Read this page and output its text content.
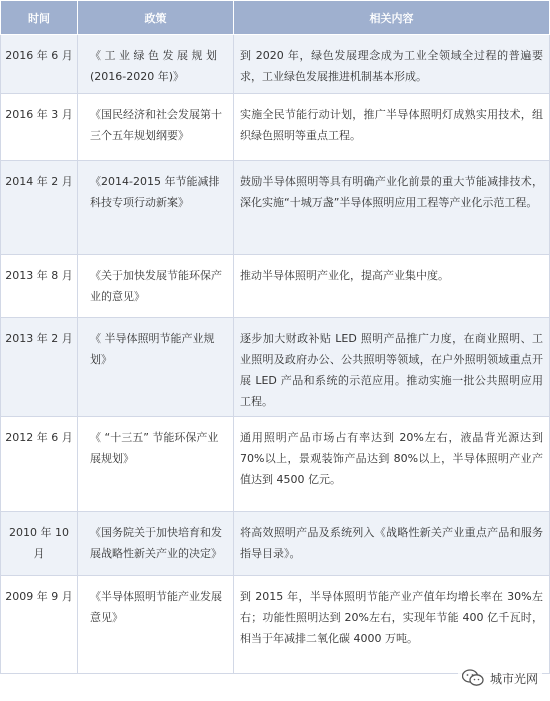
时间	政策	相关内容
2016 年 6 月	《 工 业 绿 色 发 展 规 划 (2016-2020 年)》	到 2020 年，绿色发展理念成为工业全领域全过程的普遍要求，工业绿色发展推进机制基本形成。
2016 年 3 月	《国民经济和社会发展第十三个五年规划纲要》	实施全民节能行动计划，推广半导体照明灯成熟实用技术，组织绿色照明等重点工程。
2014 年 2 月	《2014-2015 年节能减排科技专项行动新案》	鼓励半导体照明等具有明确产业化前景的重大节能减排技术，深化实施“十城万盏”半导体照明应用工程等产业化示范工程。
2013 年 8 月	《关于加快发展节能环保产业的意见》	推动半导体照明产业化，提高产业集中度。
2013 年 2 月	《 半导体照明节能产业规划》	逐步加大财政补贴 LED 照明产品推广力度，在商业照明、工业照明及政府办公、公共照明等领域，在户外照明领域重点开展 LED 产品和系统的示范应用。推动实施一批公共照明应用工程。
2012 年 6 月	《 “十三五” 节能环保产业展规划》	通用照明产品市场占有率达到 20%左右，液晶背光源达到 70%以上，景观装饰产品达到 80%以上，半导体照明产业产值达到 4500 亿元。
2010 年 10 月	《国务院关于加快培育和发展战略性新关产业的决定》	将高效照明产品及系统列入《战略性新关产业重点产品和服务指导目录》。
2009 年 9 月	《半导体照明节能产业发展意见》	到 2015 年，半导体照明节能产业产值年均增长率在 30%左右；功能性照明达到 20%左右，实现年节能 400 亿千瓦时，相当于年减排二氧化碳 4000 万吨。
城市光网
